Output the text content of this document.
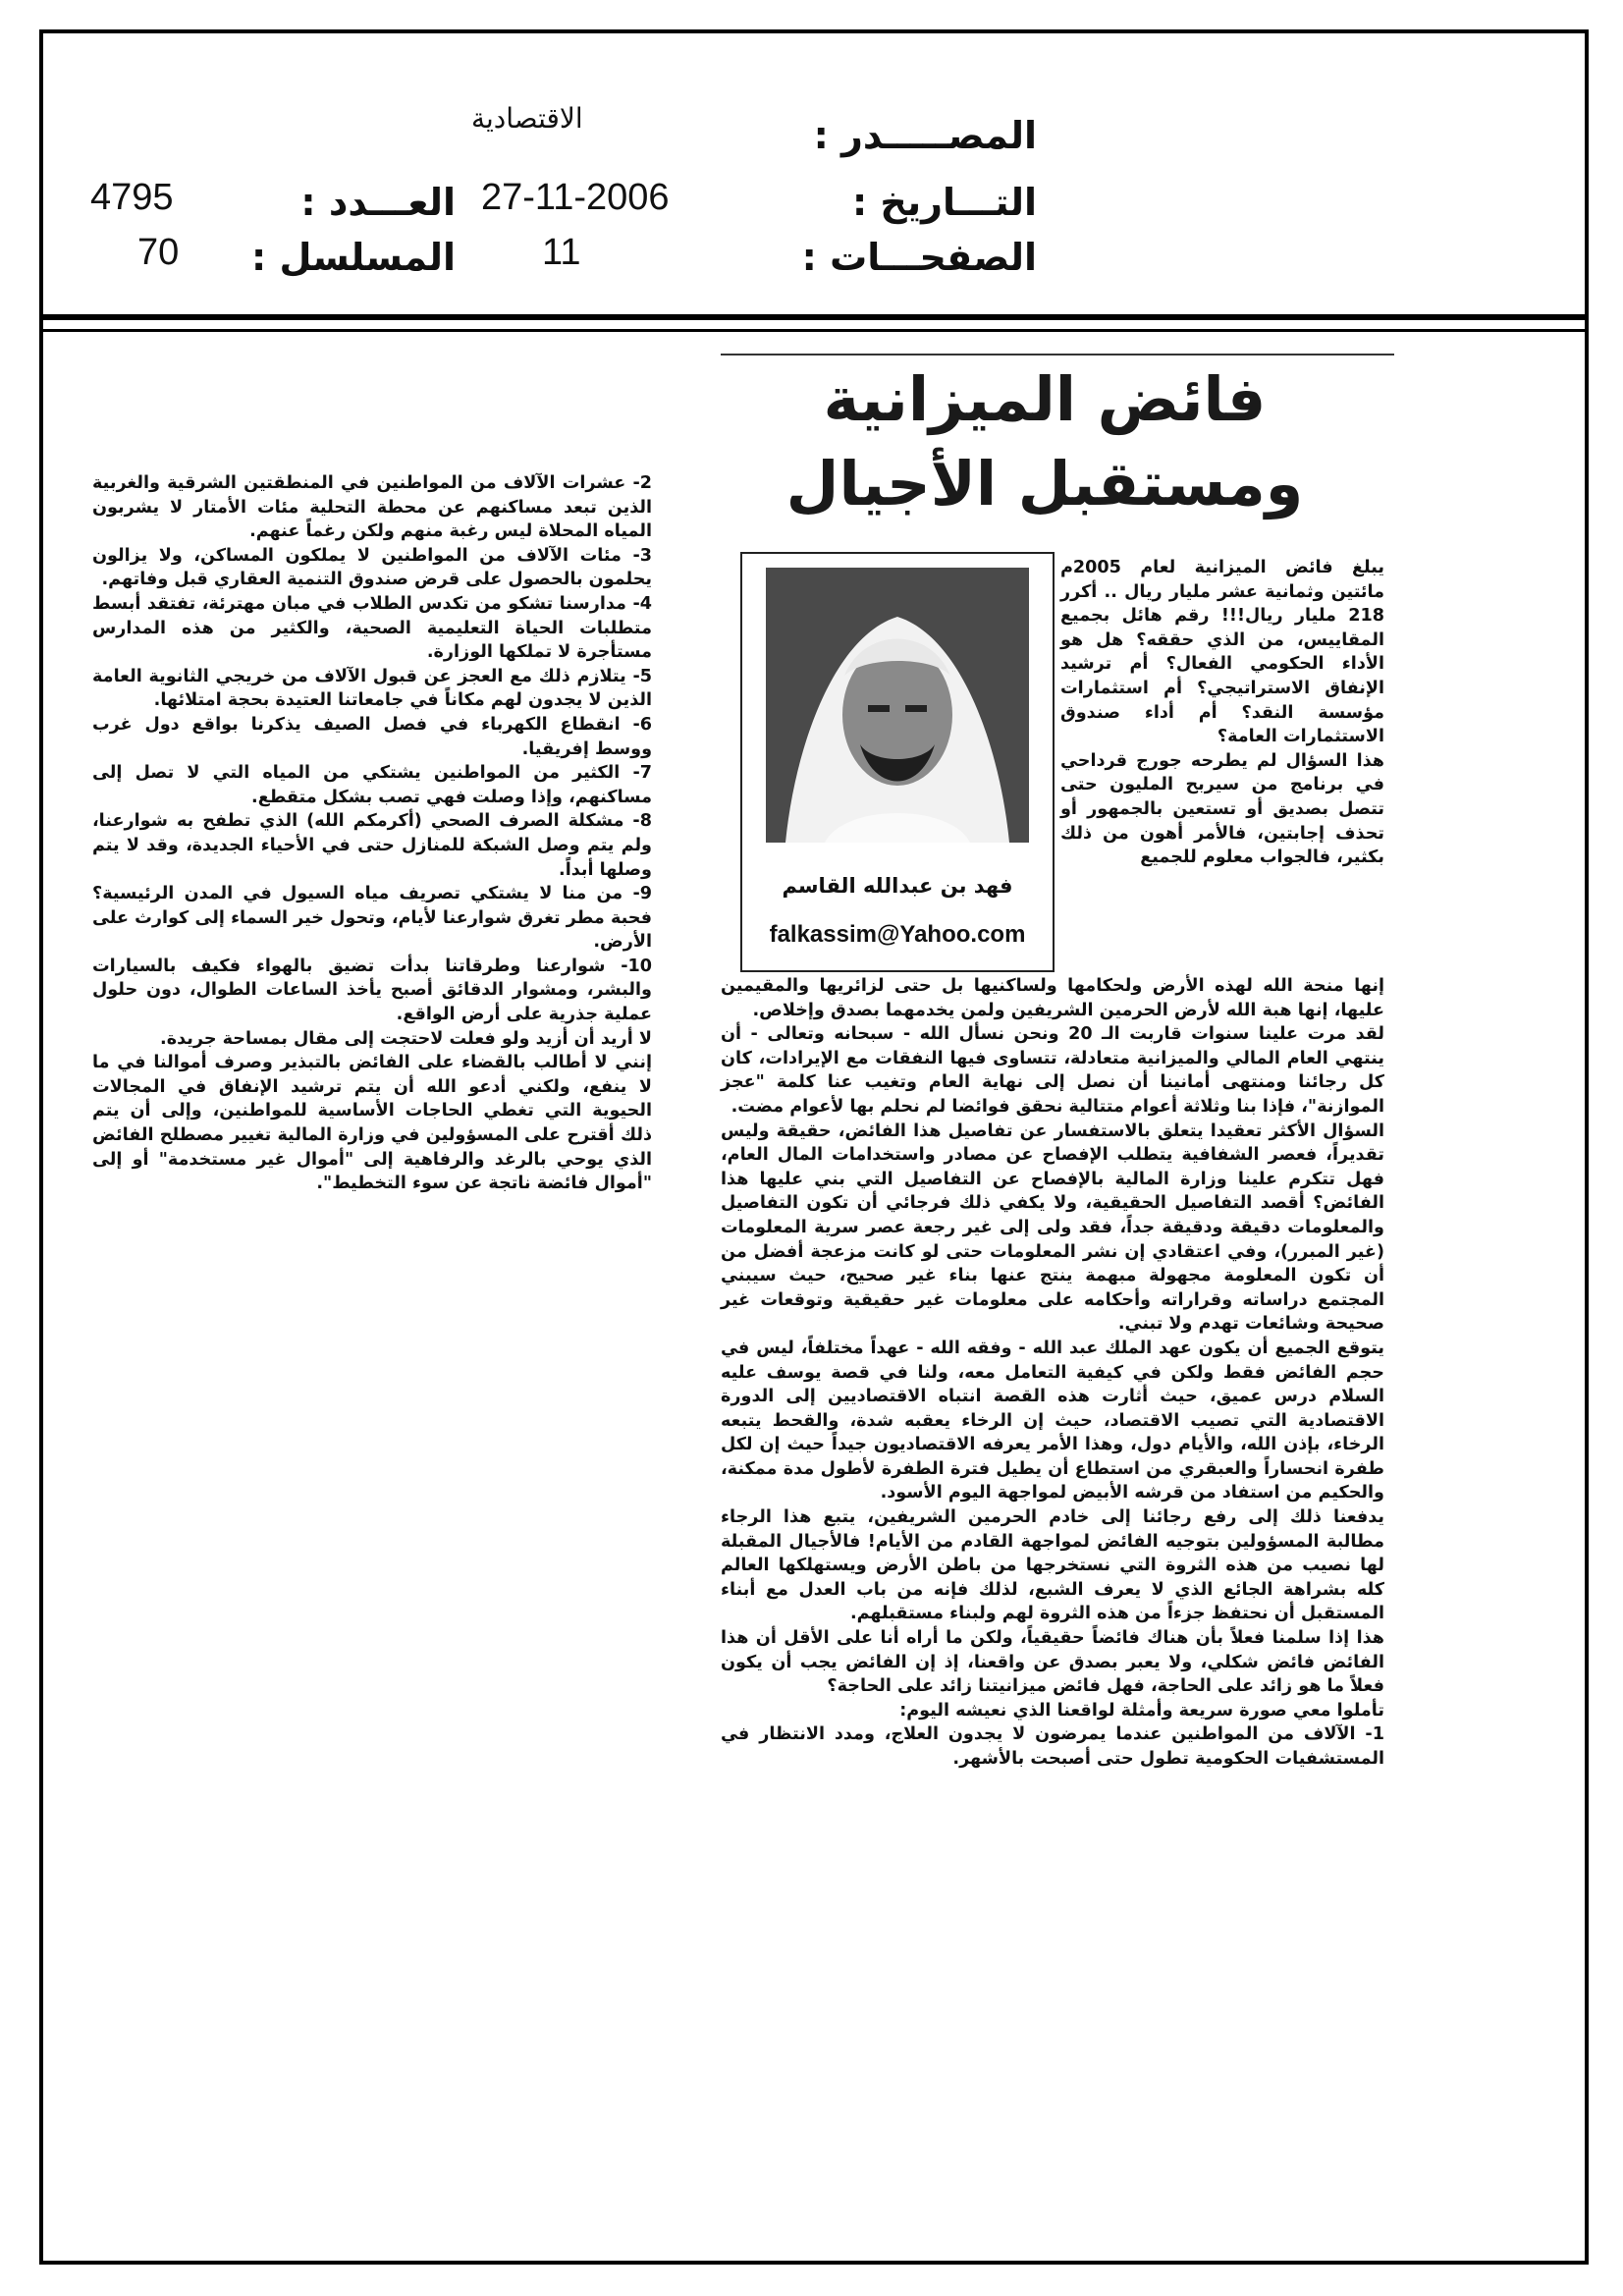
المصـــــدر :
الاقتصادية
التـــاريخ :
27-11-2006
الصفحـــات :
11
العـــدد :
4795
المسلسل :
70
فائض الميزانية
ومستقبل الأجيال
فهد بن عبدالله القاسم
falkassim@Yahoo.com

يبلغ فائض الميزانية لعام 2005م مائتين وثمانية عشر مليار ريال .. أكرر 218 مليار ريال!!! رقم هائل بجميع المقاييس، من الذي حققه؟ هل هو الأداء الحكومي الفعال؟ أم ترشيد الإنفاق الاستراتيجي؟ أم استثمارات مؤسسة النقد؟ أم أداء صندوق الاستثمارات العامة؟

هذا السؤال لم يطرحه جورج قرداحي في برنامج من سيربح المليون حتى تتصل بصديق أو تستعين بالجمهور أو تحذف إجابتين، فالأمر أهون من ذلك بكثير، فالجواب معلوم للجميع

إنها منحة الله لهذه الأرض ولحكامها ولساكنيها بل حتى لزائريها والمقيمين عليها، إنها هبة الله لأرض الحرمين الشريفين ولمن يخدمهما بصدق وإخلاص.

لقد مرت علينا سنوات قاربت الـ 20 ونحن نسأل الله - سبحانه وتعالى - أن ينتهي العام المالي والميزانية متعادلة، تتساوى فيها النفقات مع الإيرادات، كان كل رجائنا ومنتهى أمانينا أن نصل إلى نهاية العام وتغيب عنا كلمة "عجز الموازنة"، فإذا بنا وثلاثة أعوام متتالية نحقق فوائضا لم نحلم بها لأعوام مضت.

السؤال الأكثر تعقيدا يتعلق بالاستفسار عن تفاصيل هذا الفائض، حقيقة وليس تقديراً، فعصر الشفافية يتطلب الإفصاح عن مصادر واستخدامات المال العام، فهل تتكرم علينا وزارة المالية بالإفصاح عن التفاصيل التي بني عليها هذا الفائض؟ أقصد التفاصيل الحقيقية، ولا يكفي ذلك فرجائي أن تكون التفاصيل والمعلومات دقيقة ودقيقة جداً، فقد ولى إلى غير رجعة عصر سرية المعلومات (غير المبرر)، وفي اعتقادي إن نشر المعلومات حتى لو كانت مزعجة أفضل من أن تكون المعلومة مجهولة مبهمة ينتج عنها بناء غير صحيح، حيث سيبني المجتمع دراساته وقراراته وأحكامه على معلومات غير حقيقية وتوقعات غير صحيحة وشائعات تهدم ولا تبني.

يتوقع الجميع أن يكون عهد الملك عبد الله - وفقه الله - عهداً مختلفاً، ليس في حجم الفائض فقط ولكن في كيفية التعامل معه، ولنا في قصة يوسف عليه السلام درس عميق، حيث أثارت هذه القصة انتباه الاقتصاديين إلى الدورة الاقتصادية التي تصيب الاقتصاد، حيث إن الرخاء يعقبه شدة، والقحط يتبعه الرخاء، بإذن الله، والأيام دول، وهذا الأمر يعرفه الاقتصاديون جيداً حيث إن لكل طفرة انحساراً والعبقري من استطاع أن يطيل فترة الطفرة لأطول مدة ممكنة، والحكيم من استفاد من قرشه الأبيض لمواجهة اليوم الأسود.

يدفعنا ذلك إلى رفع رجائنا إلى خادم الحرمين الشريفين، يتبع هذا الرجاء مطالبة المسؤولين بتوجيه الفائض لمواجهة القادم من الأيام! فالأجيال المقبلة لها نصيب من هذه الثروة التي نستخرجها من باطن الأرض ويستهلكها العالم كله بشراهة الجائع الذي لا يعرف الشبع، لذلك فإنه من باب العدل مع أبناء المستقبل أن نحتفظ جزءاً من هذه الثروة لهم ولبناء مستقبلهم.

هذا إذا سلمنا فعلاً بأن هناك فائضاً حقيقياً، ولكن ما أراه أنا على الأقل أن هذا الفائض فائض شكلي، ولا يعبر بصدق عن واقعنا، إذ إن الفائض يجب أن يكون فعلاً ما هو زائد على الحاجة، فهل فائض ميزانيتنا زائد على الحاجة؟

تأملوا معي صورة سريعة وأمثلة لواقعنا الذي نعيشه اليوم:

1- الآلاف من المواطنين عندما يمرضون لا يجدون العلاج، ومدد الانتظار في المستشفيات الحكومية تطول حتى أصبحت بالأشهر.

2- عشرات الآلاف من المواطنين في المنطقتين الشرقية والغربية الذين تبعد مساكنهم عن محطة التحلية مئات الأمتار لا يشربون المياه المحلاة ليس رغبة منهم ولكن رغماً عنهم.

3- مئات الآلاف من المواطنين لا يملكون المساكن، ولا يزالون يحلمون بالحصول على قرض صندوق التنمية العقاري قبل وفاتهم.

4- مدارسنا تشكو من تكدس الطلاب في مبان مهترئة، تفتقد أبسط متطلبات الحياة التعليمية الصحية، والكثير من هذه المدارس مستأجرة لا تملكها الوزارة.

5- يتلازم ذلك مع العجز عن قبول الآلاف من خريجي الثانوية العامة الذين لا يجدون لهم مكاناً في جامعاتنا العتيدة بحجة امتلائها.

6- انقطاع الكهرباء في فصل الصيف يذكرنا بواقع دول غرب ووسط إفريقيا.

7- الكثير من المواطنين يشتكي من المياه التي لا تصل إلى مساكنهم، وإذا وصلت فهي تصب بشكل متقطع.

8- مشكلة الصرف الصحي (أكرمكم الله) الذي تطفح به شوارعنا، ولم يتم وصل الشبكة للمنازل حتى في الأحياء الجديدة، وقد لا يتم وصلها أبداً.

9- من منا لا يشتكي تصريف مياه السيول في المدن الرئيسية؟ فحبة مطر تغرق شوارعنا لأيام، وتحول خير السماء إلى كوارث على الأرض.

10- شوارعنا وطرقاتنا بدأت تضيق بالهواء فكيف بالسيارات والبشر، ومشوار الدقائق أصبح يأخذ الساعات الطوال، دون حلول عملية جذرية على أرض الواقع.

لا أريد أن أزيد ولو فعلت لاحتجت إلى مقال بمساحة جريدة.

إنني لا أطالب بالقضاء على الفائض بالتبذير وصرف أموالنا في ما لا ينفع، ولكني أدعو الله أن يتم ترشيد الإنفاق في المجالات الحيوية التي تغطي الحاجات الأساسية للمواطنين، وإلى أن يتم ذلك أقترح على المسؤولين في وزارة المالية تغيير مصطلح الفائض الذي يوحي بالرغد والرفاهية إلى "أموال غير مستخدمة" أو إلى "أموال فائضة ناتجة عن سوء التخطيط".
